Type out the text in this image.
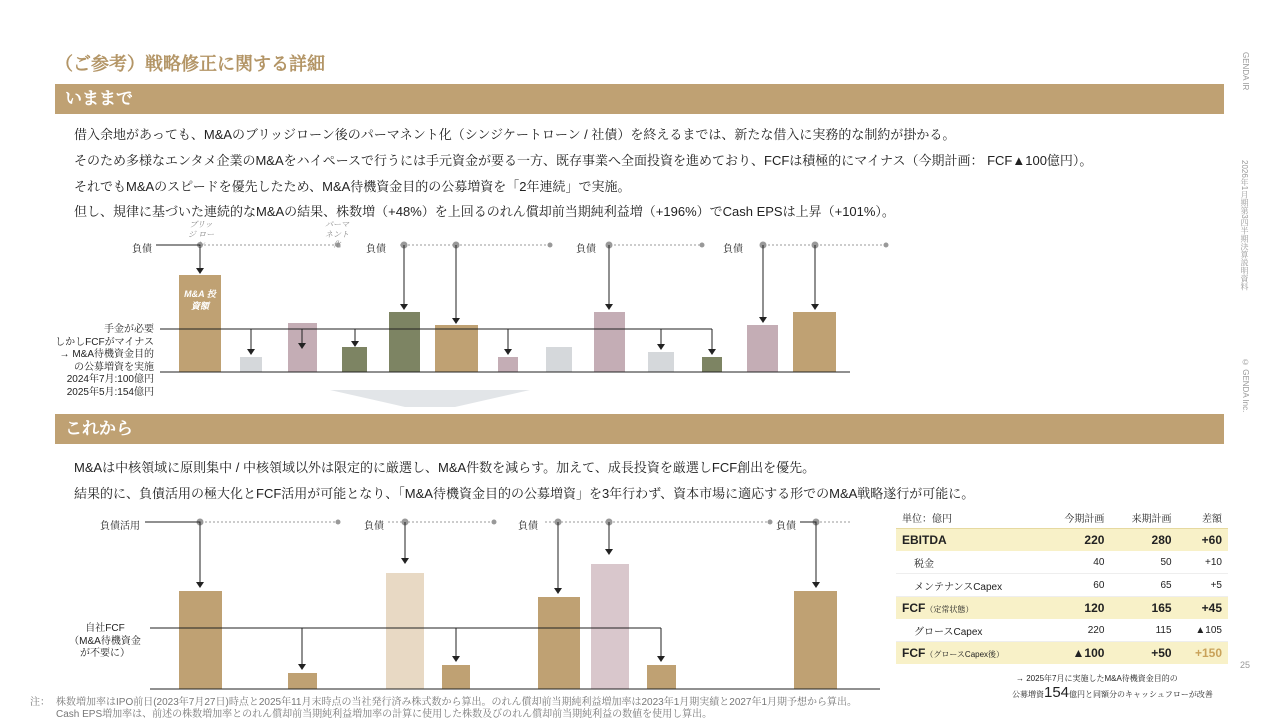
（ご参考）戦略修正に関する詳細	GENDA IR
2026年1月期第3四半期決算説明資料
© GENDA Inc.
25
いままで
借入余地があっても、M&Aのブリッジローン後のパーマネント化（シンジケートローン / 社債）を終えるまでは、新たな借入に実務的な制約が掛かる。
そのため多様なエンタメ企業のM&Aをハイペースで行うには手元資金が要る一方、既存事業へ全面投資を進めており、FCFは積極的にマイナス（今期計画： FCF▲100億円）。
それでもM&Aのスピードを優先したため、M&A待機資金目的の公募増資を「2年連続」で実施。
但し、規律に基づいた連続的なM&Aの結果、株数増（+48%）を上回るのれん償却前当期純利益増（+196%）でCash EPSは上昇（+101%）。
負債	負債	負債	負債
ブリッジ ローン
パーマ ネント化
M&A 投資額
手金が必要
しかしFCFがマイナス
→ M&A待機資金目的
の公募増資を実施
2024年7月:100億円
2025年5月:154億円
これから
M&Aは中核領域に原則集中 / 中核領域以外は限定的に厳選し、M&A件数を減らす。加えて、成長投資を厳選しFCF創出を優先。
結果的に、負債活用の極大化とFCF活用が可能となり、「M&A待機資金目的の公募増資」を3年行わず、資本市場に適応する形でのM&A戦略遂行が可能に。
負債活用	負債	負債	負債
自社FCF
（M&A待機資金
が不要に）
単位：億円	今期計画	来期計画	差額
EBITDA	220	280	+60
税金	40	50	+10
メンテナンスCapex	60	65	+5
FCF（定常状態）	120	165	+45
グロースCapex	220	115	▲105
FCF（グロースCapex後）	▲100	+50	+150
→ 2025年7月に実施したM&A待機資金目的の
公募増資154億円と同額分のキャッシュフローが改善
注： 株数増加率はIPO前日(2023年7月27日)時点と2025年11月末時点の当社発行済み株式数から算出。のれん償却前当期純利益増加率は2023年1月期実績と2027年1月期予想から算出。
Cash EPS増加率は、前述の株数増加率とのれん償却前当期純利益増加率の計算に使用した株数及びのれん償却前当期純利益の数値を使用し算出。
